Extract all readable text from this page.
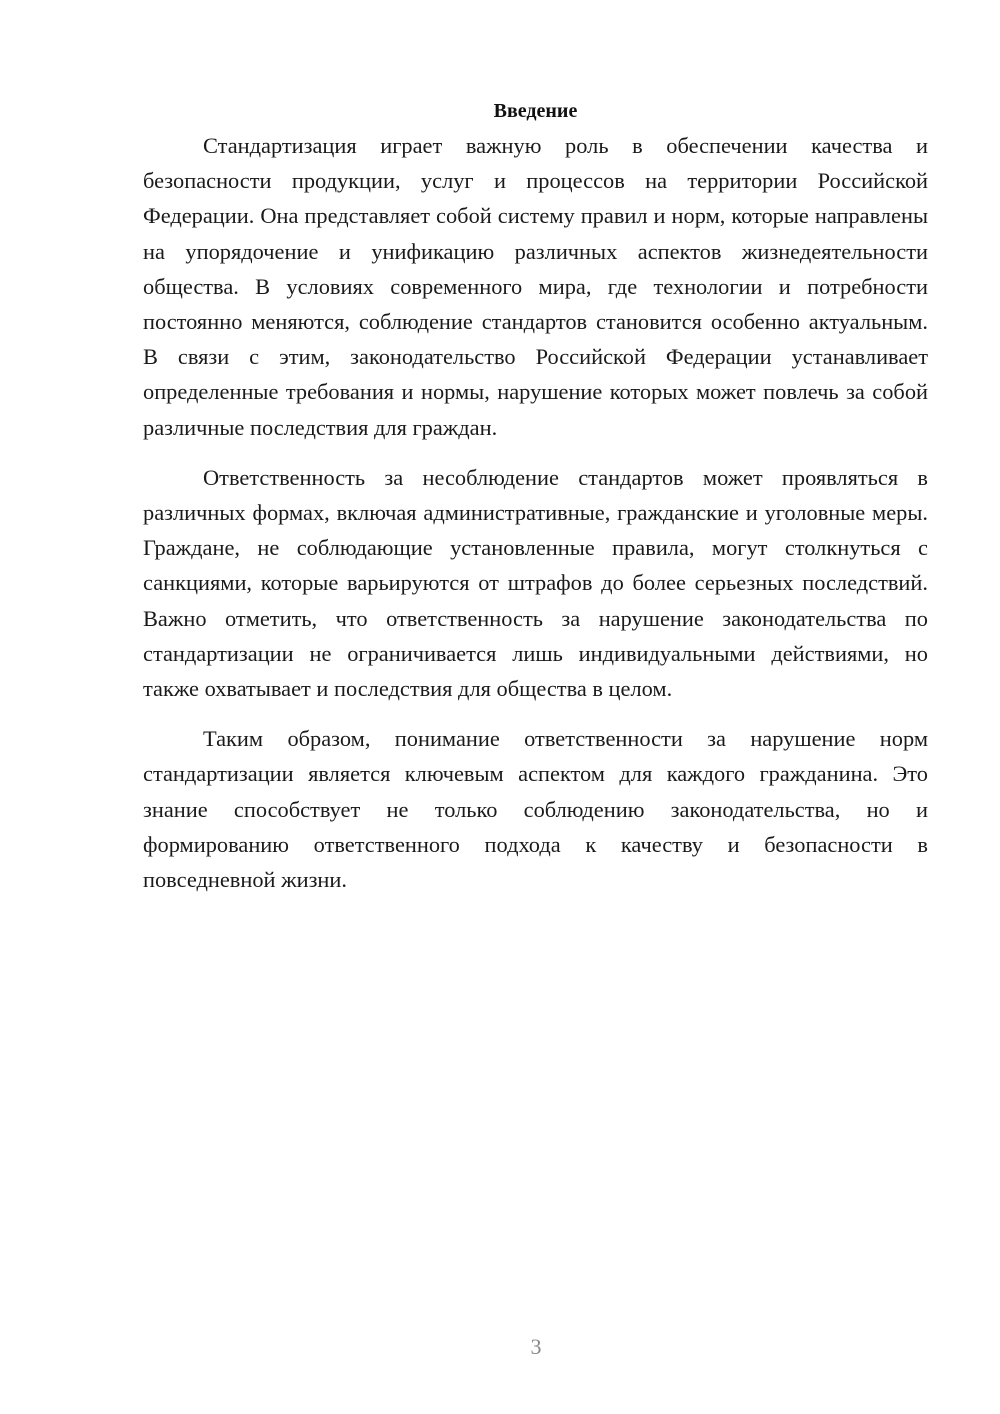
Введение

Стандартизация играет важную роль в обеспечении качества и безопасности продукции, услуг и процессов на территории Российской Федерации. Она представляет собой систему правил и норм, которые направлены на упорядочение и унификацию различных аспектов жизнедеятельности общества. В условиях современного мира, где технологии и потребности постоянно меняются, соблюдение стандартов становится особенно актуальным. В связи с этим, законодательство Российской Федерации устанавливает определенные требования и нормы, нарушение которых может повлечь за собой различные последствия для граждан.

Ответственность за несоблюдение стандартов может проявляться в различных формах, включая административные, гражданские и уголовные меры. Граждане, не соблюдающие установленные правила, могут столкнуться с санкциями, которые варьируются от штрафов до более серьезных последствий. Важно отметить, что ответственность за нарушение законодательства по стандартизации не ограничивается лишь индивидуальными действиями, но также охватывает и последствия для общества в целом.

Таким образом, понимание ответственности за нарушение норм стандартизации является ключевым аспектом для каждого гражданина. Это знание способствует не только соблюдению законодательства, но и формированию ответственного подхода к качеству и безопасности в повседневной жизни.

3
